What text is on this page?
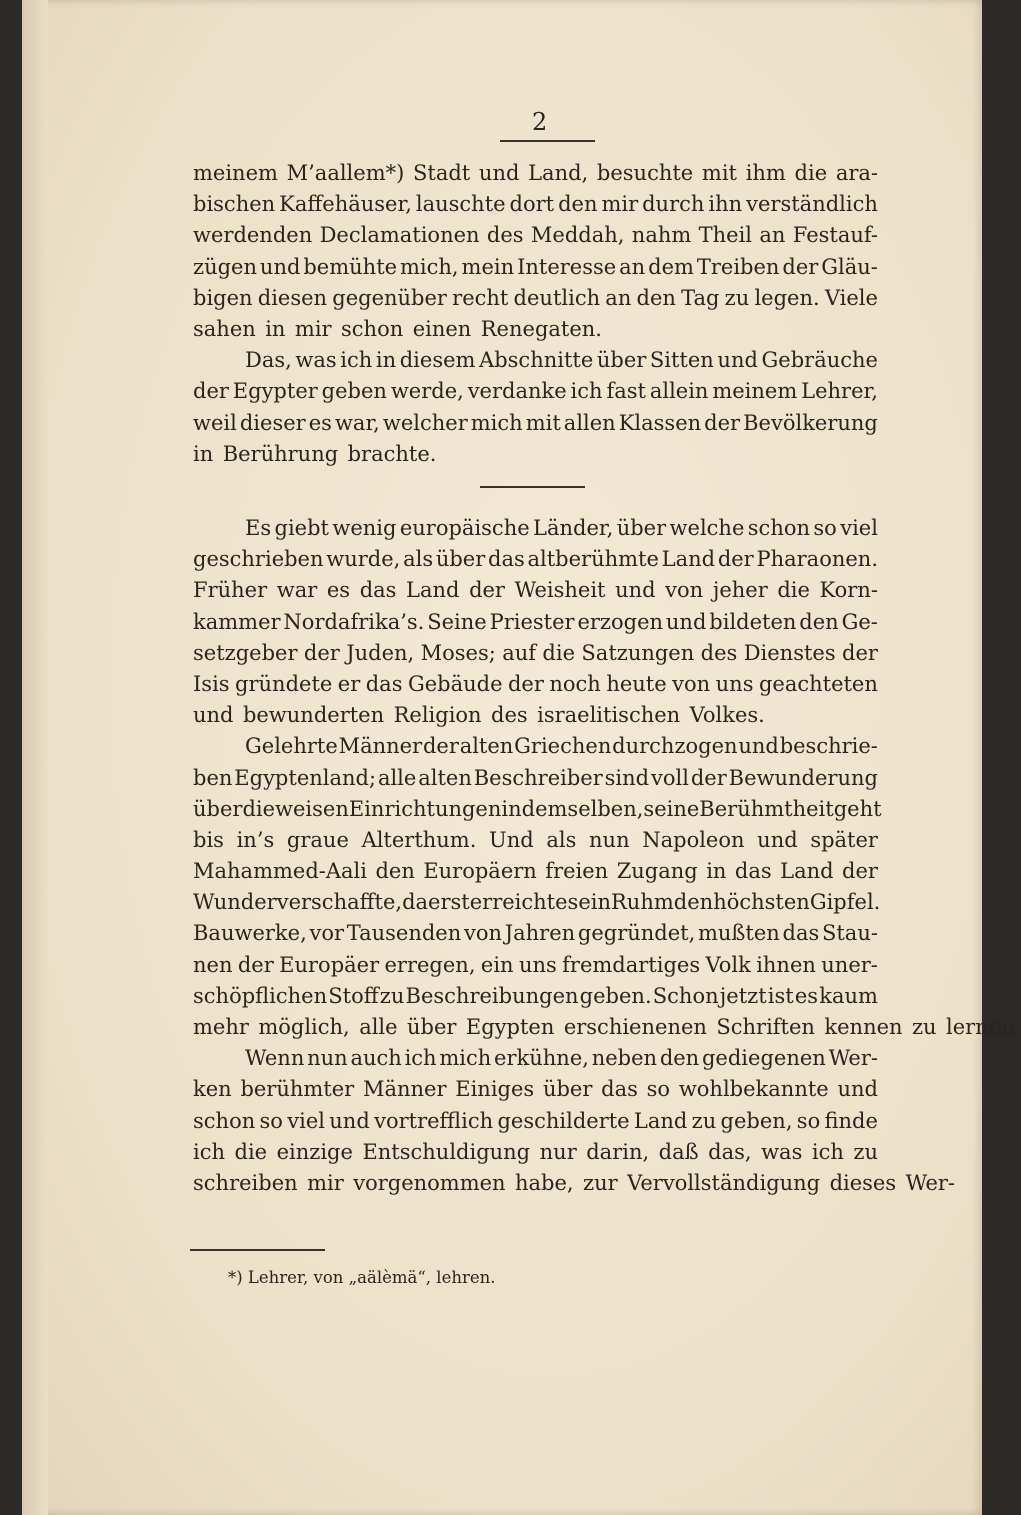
2
meinem M’aallem*) Stadt und Land, besuchte mit ihm die ara-
bischen Kaffehäuser, lauschte dort den mir durch ihn verständlich
werdenden Declamationen des Meddah, nahm Theil an Festauf-
zügen und bemühte mich, mein Interesse an dem Treiben der Gläu-
bigen diesen gegenüber recht deutlich an den Tag zu legen. Viele
sahen in mir schon einen Renegaten.
Das, was ich in diesem Abschnitte über Sitten und Gebräuche
der Egypter geben werde, verdanke ich fast allein meinem Lehrer,
weil dieser es war, welcher mich mit allen Klassen der Bevölkerung
in Berührung brachte.
Es giebt wenig europäische Länder, über welche schon so viel
geschrieben wurde, als über das altberühmte Land der Pharaonen.
Früher war es das Land der Weisheit und von jeher die Korn-
kammer Nordafrika’s. Seine Priester erzogen und bildeten den Ge-
setzgeber der Juden, Moses; auf die Satzungen des Dienstes der
Isis gründete er das Gebäude der noch heute von uns geachteten
und bewunderten Religion des israelitischen Volkes.
Gelehrte Männer der alten Griechen durchzogen und beschrie-
ben Egyptenland; alle alten Beschreiber sind voll der Bewunderung
über die weisen Einrichtungen in demselben, seine Berühmtheit geht
bis in’s graue Alterthum. Und als nun Napoleon und später
Mahammed-Aali den Europäern freien Zugang in das Land der
Wunder verschaffte, da erst erreichte sein Ruhm den höchsten Gipfel.
Bauwerke, vor Tausenden von Jahren gegründet, mußten das Stau-
nen der Europäer erregen, ein uns fremdartiges Volk ihnen uner-
schöpflichen Stoff zu Beschreibungen geben. Schon jetzt ist es kaum
mehr möglich, alle über Egypten erschienenen Schriften kennen zu lernen.
Wenn nun auch ich mich erkühne, neben den gediegenen Wer-
ken berühmter Männer Einiges über das so wohlbekannte und
schon so viel und vortrefflich geschilderte Land zu geben, so finde
ich die einzige Entschuldigung nur darin, daß das, was ich zu
schreiben mir vorgenommen habe, zur Vervollständigung dieses Wer-
*) Lehrer, von „aälèmä“, lehren.
